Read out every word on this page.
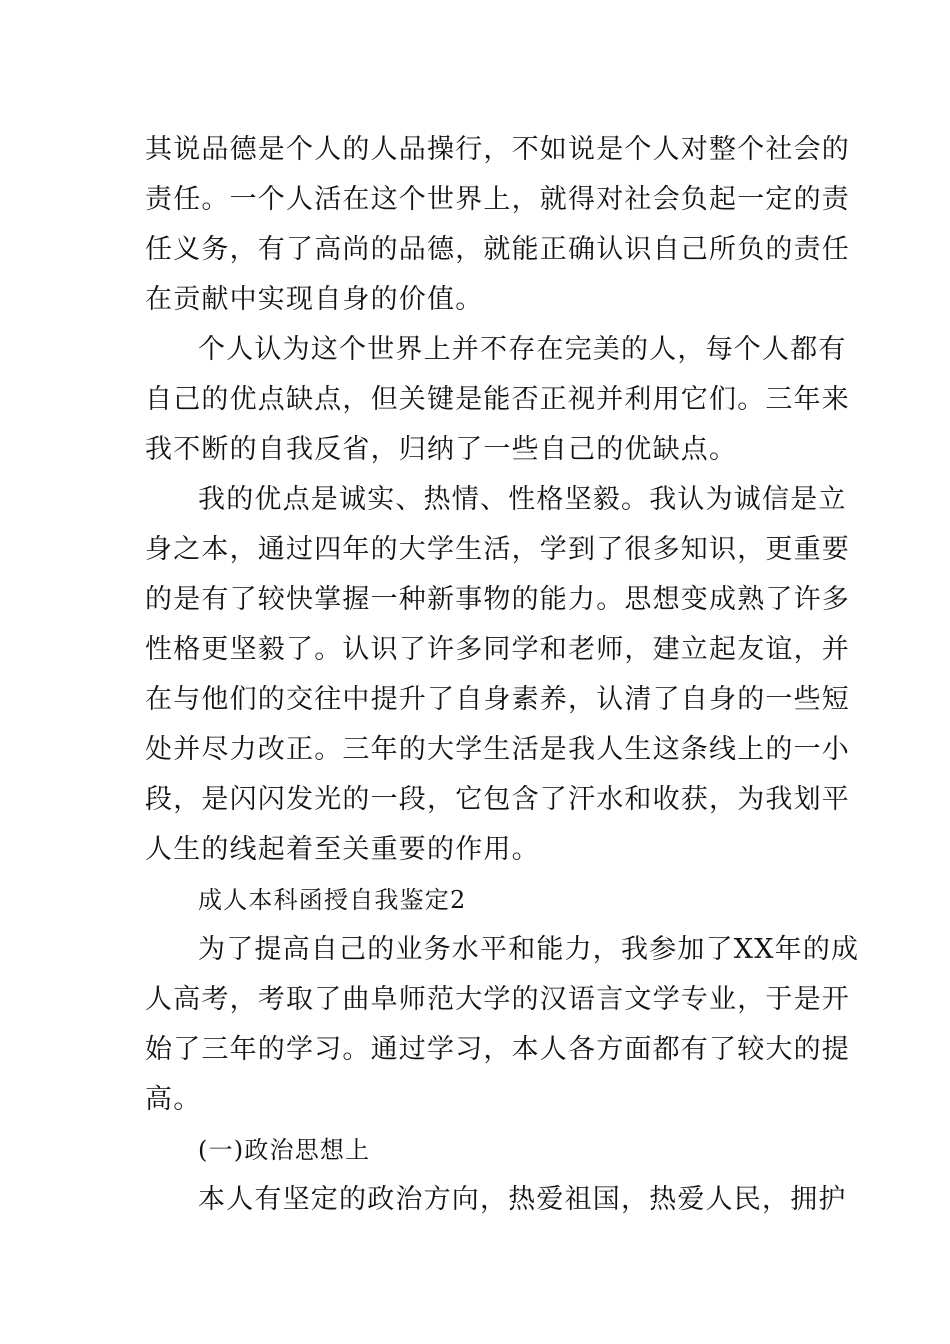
其说品德是个人的人品操行，不如说是个人对整个社会的
责任。一个人活在这个世界上，就得对社会负起一定的责
任义务，有了高尚的品德，就能正确认识自己所负的责任
在贡献中实现自身的价值。
个人认为这个世界上并不存在完美的人，每个人都有
自己的优点缺点，但关键是能否正视并利用它们。三年来
我不断的自我反省，归纳了一些自己的优缺点。
我的优点是诚实、热情、性格坚毅。我认为诚信是立
身之本，通过四年的大学生活，学到了很多知识，更重要
的是有了较快掌握一种新事物的能力。思想变成熟了许多
性格更坚毅了。认识了许多同学和老师，建立起友谊，并
在与他们的交往中提升了自身素养，认清了自身的一些短
处并尽力改正。三年的大学生活是我人生这条线上的一小
段，是闪闪发光的一段，它包含了汗水和收获，为我划平
人生的线起着至关重要的作用。
成人本科函授自我鉴定2
为了提高自己的业务水平和能力，我参加了XX年的成
人高考，考取了曲阜师范大学的汉语言文学专业，于是开
始了三年的学习。通过学习，本人各方面都有了较大的提
高。
(一)政治思想上
本人有坚定的政治方向，热爱祖国，热爱人民，拥护
